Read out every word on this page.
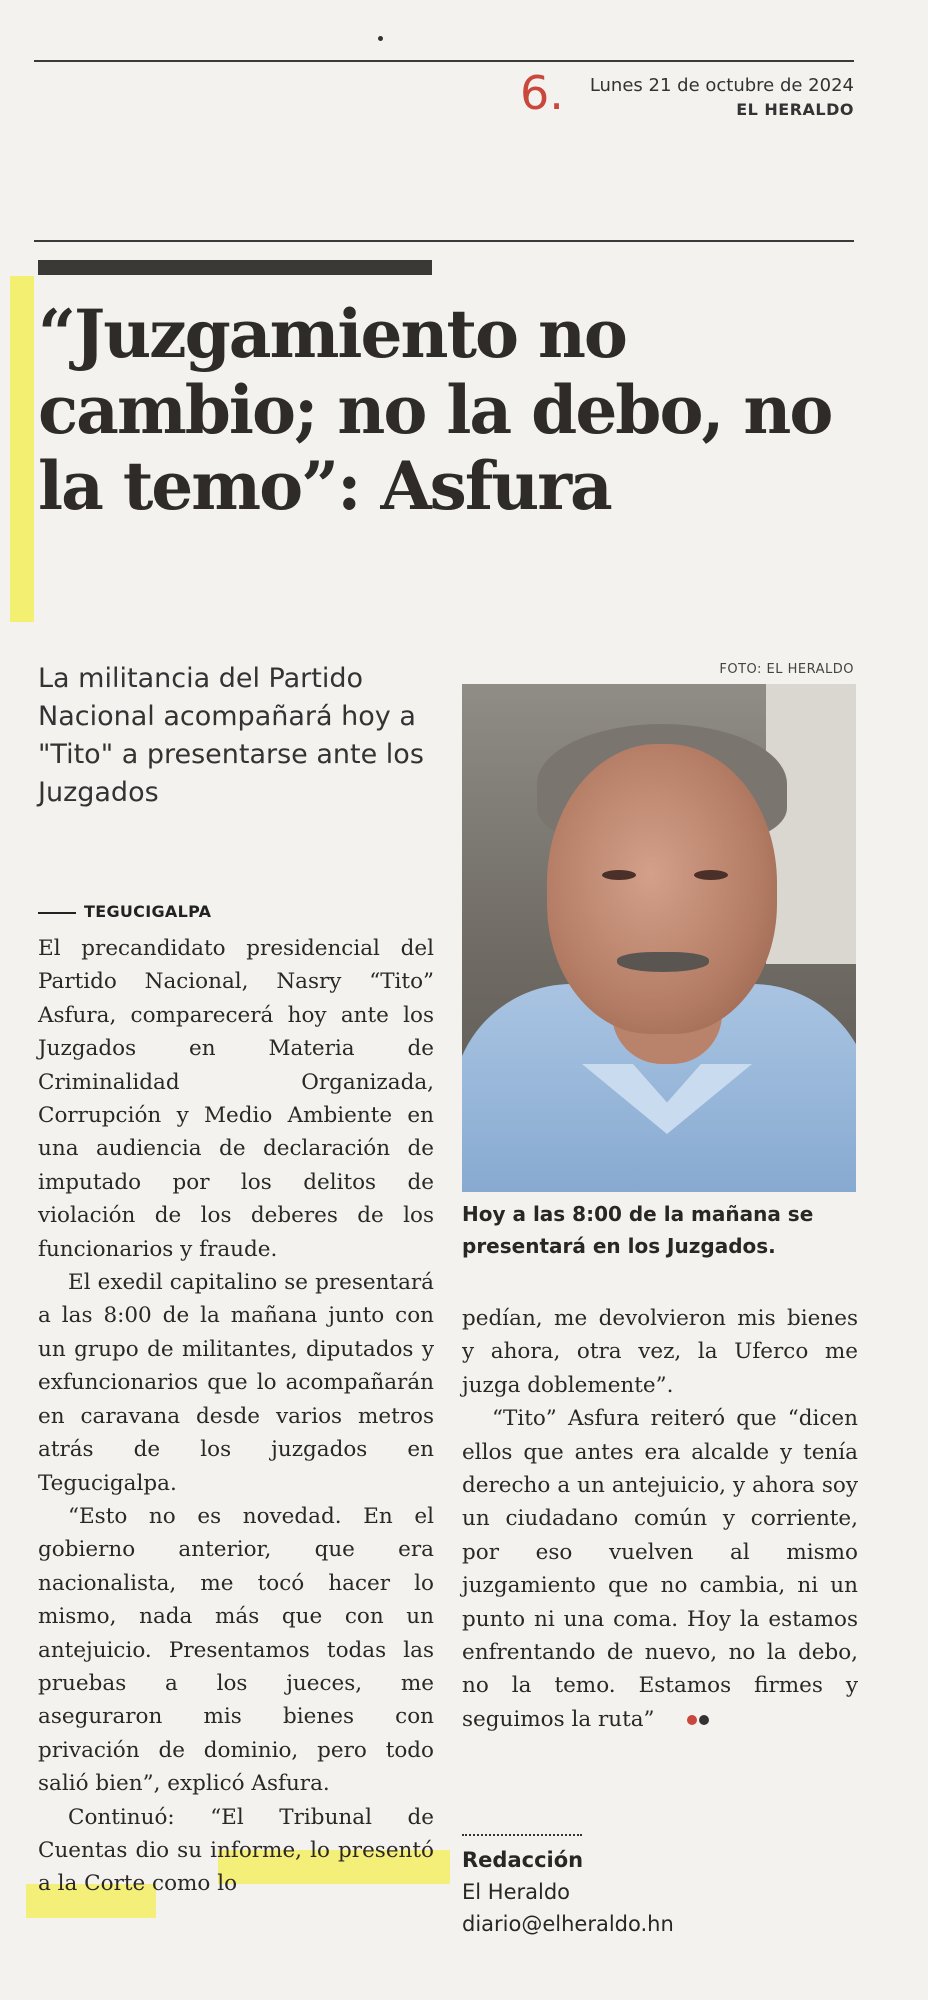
6. Lunes 21 de octubre de 2024
EL HERALDO
“Juzgamiento no cambio; no la debo, no la temo”: Asfura

La militancia del Partido Nacional acompañará hoy a "Tito" a presentarse ante los Juzgados

FOTO: EL HERALDO

Hoy a las 8:00 de la mañana se presentará en los Juzgados.

TEGUCIGALPA

El precandidato presidencial del Partido Nacional, Nasry “Tito” Asfura, comparecerá hoy ante los Juzgados en Materia de Criminalidad Organizada, Corrupción y Medio Ambiente en una audiencia de declaración de imputado por los delitos de violación de los deberes de los funcionarios y fraude.

El exedil capitalino se presentará a las 8:00 de la mañana junto con un grupo de militantes, diputados y exfuncionarios que lo acompañarán en caravana desde varios metros atrás de los juzgados en Tegucigalpa.

“Esto no es novedad. En el gobierno anterior, que era nacionalista, me tocó hacer lo mismo, nada más que con un antejuicio. Presentamos todas las pruebas a los jueces, me aseguraron mis bienes con privación de dominio, pero todo salió bien”, explicó Asfura.

Continuó: “El Tribunal de Cuentas dio su informe, lo presentó a la Corte como lo

pedían, me devolvieron mis bienes y ahora, otra vez, la Uferco me juzga doblemente”.

“Tito” Asfura reiteró que “dicen ellos que antes era alcalde y tenía derecho a un antejuicio, y ahora soy un ciudadano común y corriente, por eso vuelven al mismo juzgamiento que no cambia, ni un punto ni una coma. Hoy la estamos enfrentando de nuevo, no la debo, no la temo. Estamos firmes y seguimos la ruta”

Redacción
El Heraldo
diario@elheraldo.hn
